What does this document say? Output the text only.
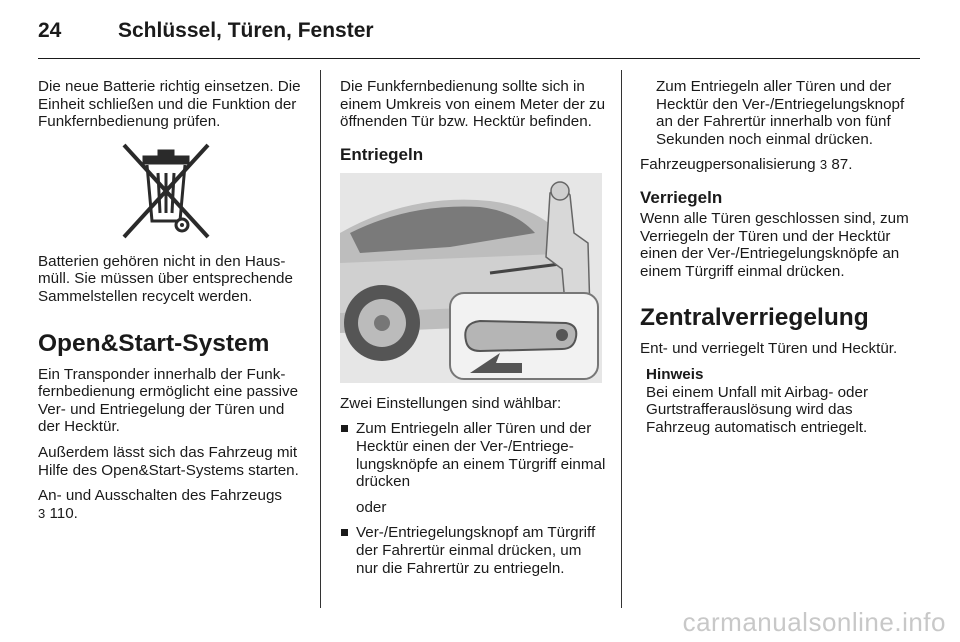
24	Schlüssel, Türen, Fenster

Die neue Batterie richtig einsetzen. Die Einheit schließen und die Funktion der Funkfernbedienung prüfen.

Batterien gehören nicht in den Hausmüll. Sie müssen über entsprechende Sammelstellen recycelt werden.

Open&Start-System

Ein Transponder innerhalb der Funkfernbedienung ermöglicht eine passive Ver- und Entriegelung der Türen und der Hecktür.

Außerdem lässt sich das Fahrzeug mit Hilfe des Open&Start-Systems starten.

An- und Ausschalten des Fahrzeugs
3 110.

Die Funkfernbedienung sollte sich in einem Umkreis von einem Meter der zu öffnenden Tür bzw. Hecktür befinden.

Entriegeln

Zwei Einstellungen sind wählbar:

Zum Entriegeln aller Türen und der Hecktür einen der Ver-/Entriegelungsknöpfe an einem Türgriff einmal drücken

oder

Ver-/Entriegelungsknopf am Türgriff der Fahrertür einmal drücken, um nur die Fahrertür zu entriegeln.

Zum Entriegeln aller Türen und der Hecktür den Ver-/Entriegelungsknopf an der Fahrertür innerhalb von fünf Sekunden noch einmal drücken.

Fahrzeugpersonalisierung 3 87.

Verriegeln

Wenn alle Türen geschlossen sind, zum Verriegeln der Türen und der Hecktür einen der Ver-/Entriegelungsknöpfe an einem Türgriff einmal drücken.

Zentralverriegelung

Ent- und verriegelt Türen und Hecktür.

Hinweis
Bei einem Unfall mit Airbag- oder Gurtstrafferauslösung wird das Fahrzeug automatisch entriegelt.
carmanualsonline.info
